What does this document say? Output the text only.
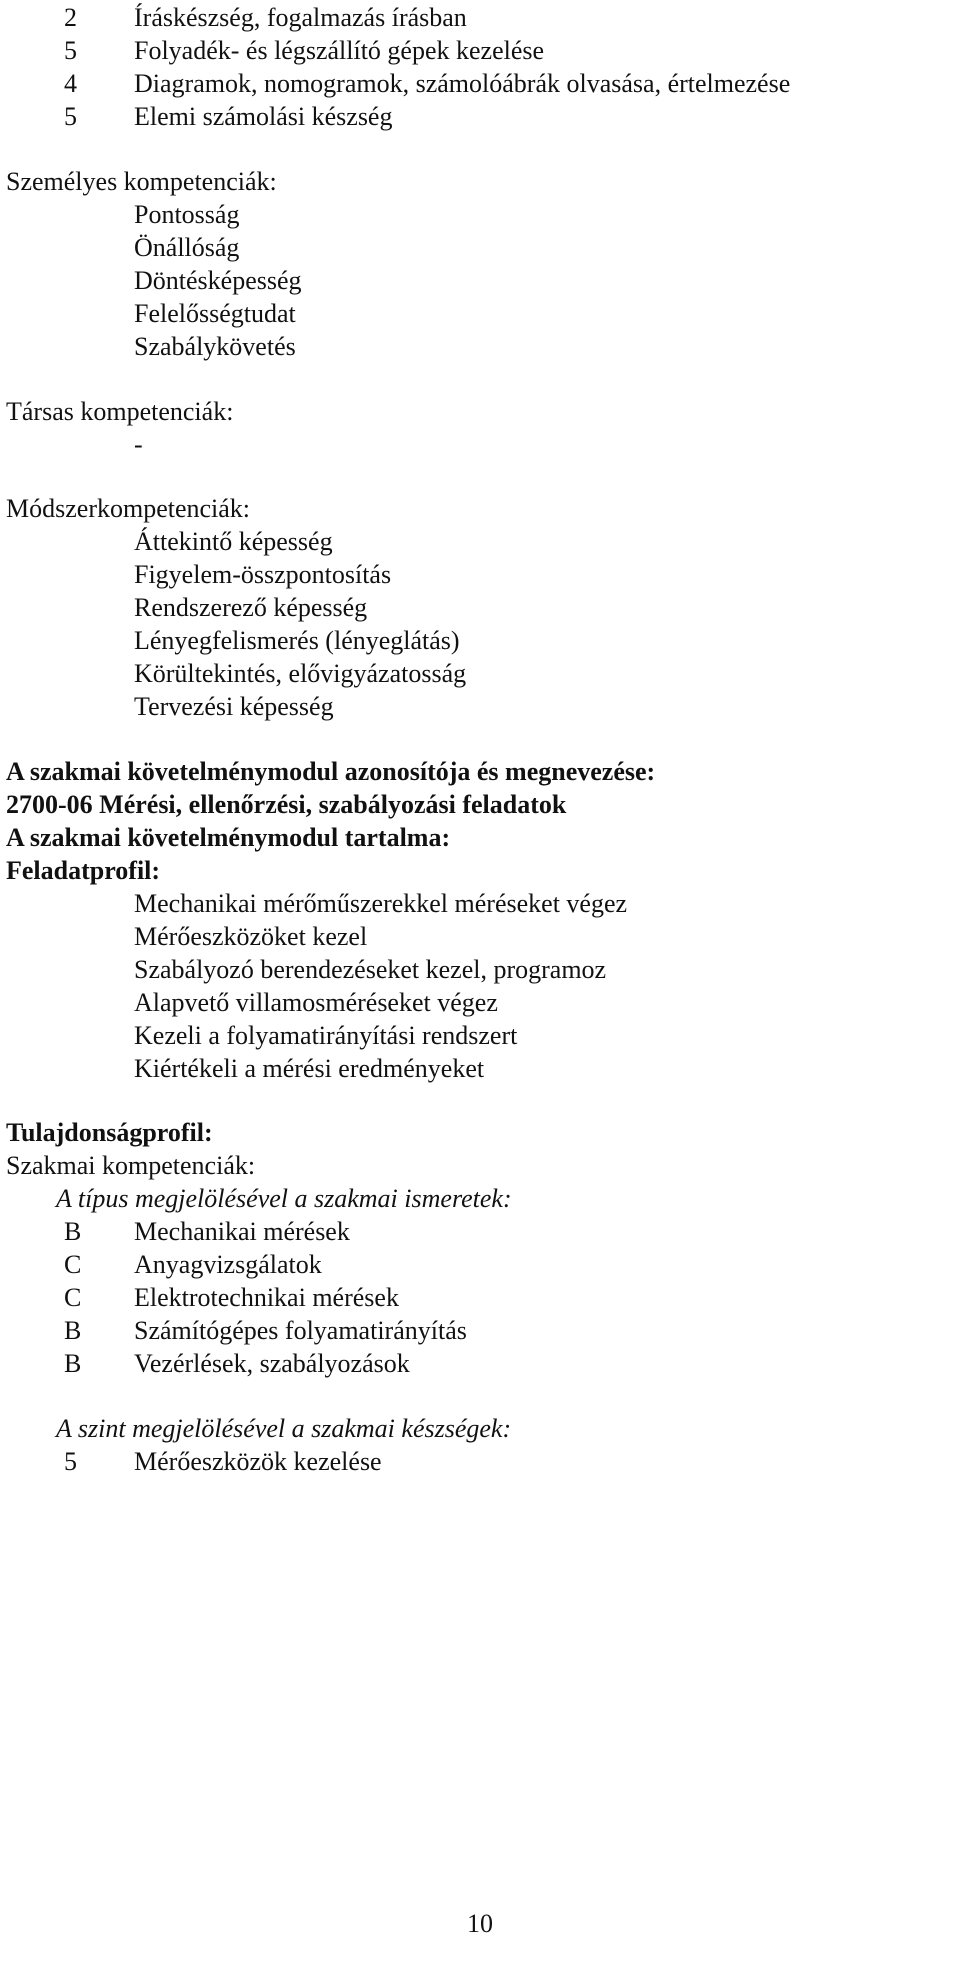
2 Íráskészség, fogalmazás írásban
5 Folyadék- és légszállító gépek kezelése
4 Diagramok, nomogramok, számolóábrák olvasása, értelmezése
5 Elemi számolási készség
Személyes kompetenciák:
Pontosság
Önállóság
Döntésképesség
Felelősségtudat
Szabálykövetés
Társas kompetenciák:
-
Módszerkompetenciák:
Áttekintő képesség
Figyelem-összpontosítás
Rendszerező képesség
Lényegfelismerés (lényeglátás)
Körültekintés, elővigyázatosság
Tervezési képesség
A szakmai követelménymodul azonosítója és megnevezése:
2700-06 Mérési, ellenőrzési, szabályozási feladatok
A szakmai követelménymodul tartalma:
Feladatprofil:
Mechanikai mérőműszerekkel méréseket végez
Mérőeszközöket kezel
Szabályozó berendezéseket kezel, programoz
Alapvető villamosméréseket végez
Kezeli a folyamatirányítási rendszert
Kiértékeli a mérési eredményeket
Tulajdonságprofil:
Szakmai kompetenciák:
A típus megjelölésével a szakmai ismeretek:
B Mechanikai mérések
C Anyagvizsgálatok
C Elektrotechnikai mérések
B Számítógépes folyamatirányítás
B Vezérlések, szabályozások
A szint megjelölésével a szakmai készségek:
5 Mérőeszközök kezelése
10
